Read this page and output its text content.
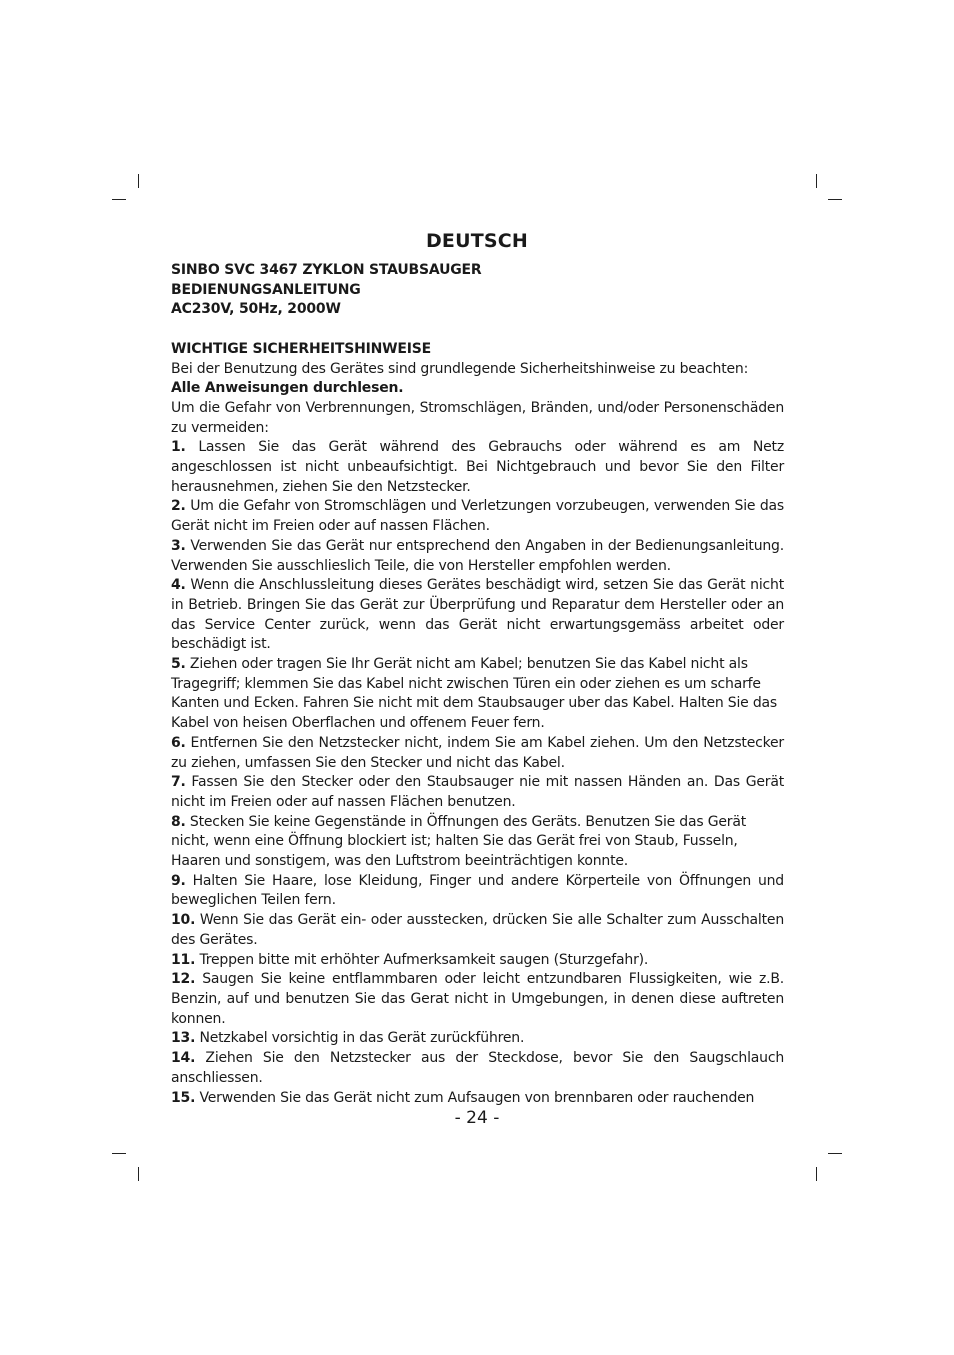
DEUTSCH

SINBO SVC 3467 ZYKLON STAUBSAUGER

BEDIENUNGSANLEITUNG

AC230V, 50Hz, 2000W

WICHTIGE SICHERHEITSHINWEISE

Bei der Benutzung des Gerätes sind grundlegende Sicherheitshinweise zu beachten:

Alle Anweisungen durchlesen.

Um die Gefahr von Verbrennungen, Stromschlägen, Bränden, und/oder Personenschäden zu vermeiden:

1. Lassen Sie das Gerät während des Gebrauchs oder während es am Netz angeschlossen ist nicht unbeaufsichtigt. Bei Nichtgebrauch und bevor Sie den Filter herausnehmen, ziehen Sie den Netzstecker.

2. Um die Gefahr von Stromschlägen und Verletzungen vorzubeugen, verwenden Sie das Gerät nicht im Freien oder auf nassen Flächen.

3. Verwenden Sie das Gerät nur entsprechend den Angaben in der Bedienungsanleitung. Verwenden Sie ausschlieslich Teile, die von Hersteller empfohlen werden.

4. Wenn die Anschlussleitung dieses Gerätes beschädigt wird, setzen Sie das Gerät nicht in Betrieb. Bringen Sie das Gerät zur Überprüfung und Reparatur dem Hersteller oder an das Service Center zurück, wenn das Gerät nicht erwartungsgemäss arbeitet oder beschädigt ist.

5. Ziehen oder tragen Sie Ihr Gerät nicht am Kabel; benutzen Sie das Kabel nicht als Tragegriff; klemmen Sie das Kabel nicht zwischen Türen ein oder ziehen es um scharfe Kanten und Ecken. Fahren Sie nicht mit dem Staubsauger uber das Kabel. Halten Sie das Kabel von heisen Oberflachen und offenem Feuer fern.

6. Entfernen Sie den Netzstecker nicht, indem Sie am Kabel ziehen. Um den Netzstecker zu ziehen, umfassen Sie den Stecker und nicht das Kabel.

7. Fassen Sie den Stecker oder den Staubsauger nie mit nassen Händen an. Das Gerät nicht im Freien oder auf nassen Flächen benutzen.

8. Stecken Sie keine Gegenstände in Öffnungen des Geräts. Benutzen Sie das Gerät nicht, wenn eine Öffnung blockiert ist; halten Sie das Gerät frei von Staub, Fusseln, Haaren und sonstigem, was den Luftstrom beeinträchtigen konnte.

9. Halten Sie Haare, lose Kleidung, Finger und andere Körperteile von Öffnungen und beweglichen Teilen fern.

10. Wenn Sie das Gerät ein- oder ausstecken, drücken Sie alle Schalter zum Ausschalten des Gerätes.

11. Treppen bitte mit erhöhter Aufmerksamkeit saugen (Sturzgefahr).

12. Saugen Sie keine entflammbaren oder leicht entzundbaren Flussigkeiten, wie z.B. Benzin, auf und benutzen Sie das Gerat nicht in Umgebungen, in denen diese auftreten konnen.

13. Netzkabel vorsichtig in das Gerät zurückführen.

14. Ziehen Sie den Netzstecker aus der Steckdose, bevor Sie den Saugschlauch anschliessen.

15. Verwenden Sie das Gerät nicht zum Aufsaugen von brennbaren oder rauchenden

- 24 -
